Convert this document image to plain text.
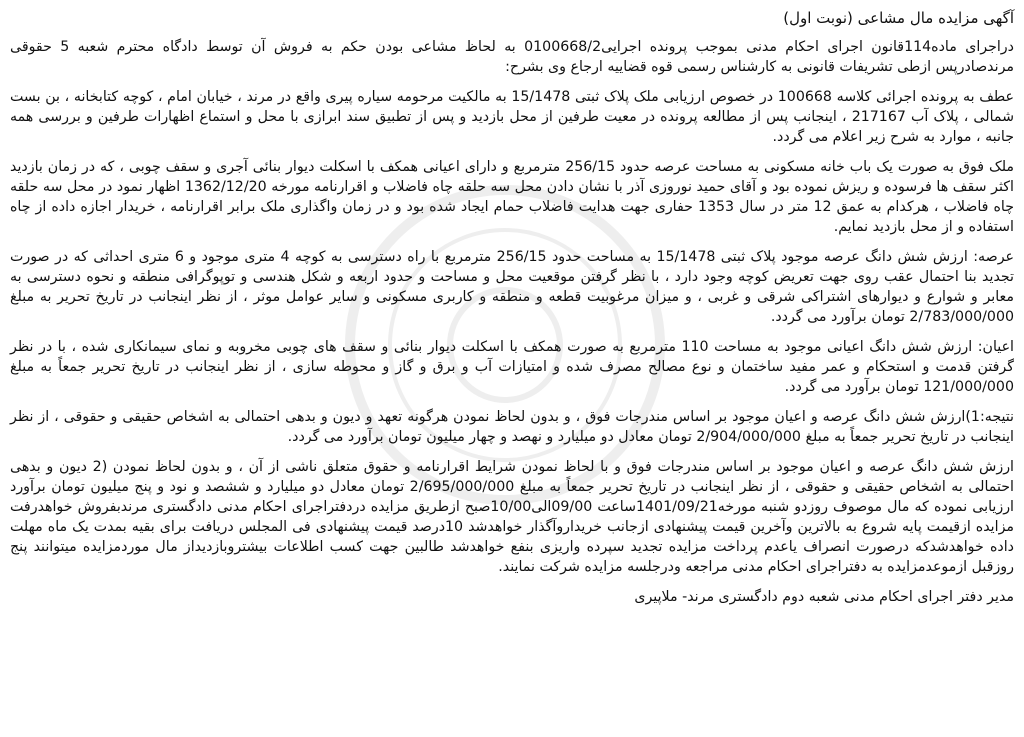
آگهی مزایده مال مشاعی (نوبت اول)
دراجرای ماده114قانون اجرای احکام مدنی بموجب پرونده اجرایی0100668/2 به لحاظ مشاعی بودن حکم به فروش آن توسط دادگاه محترم شعبه 5 حقوقی مرندصادرپس ازطی تشریفات قانونی به کارشناس رسمی قوه قضاییه ارجاع وی بشرح:
عطف به پرونده اجرائی کلاسه 100668 در خصوص ارزیابی ملک پلاک ثبتی 15/1478 به مالکیت مرحومه سیاره پیری واقع در مرند ، خیابان امام ، کوچه کتابخانه ، بن بست شمالی ، پلاک آب 217167 ، اینجانب پس از مطالعه پرونده در معیت طرفین از محل بازدید و پس از تطبیق سند ابرازی با محل و استماع اظهارات طرفین و بررسی همه جانبه ، موارد به شرح زیر اعلام می گردد.
ملک فوق به صورت یک باب خانه مسکونی به مساحت عرصه حدود 256/15 مترمربع و دارای اعیانی همکف با اسکلت دیوار بنائی آجری و سقف چوبی ، که در زمان بازدید اکثر سقف ها فرسوده و ریزش نموده بود و آقای حمید نوروزی آذر با نشان دادن محل سه حلقه چاه فاضلاب و اقرارنامه مورخه 1362/12/20 اظهار نمود در محل سه حلقه چاه فاضلاب ، هرکدام به عمق 12 متر در سال 1353 حفاری جهت هدایت فاضلاب حمام ایجاد شده بود و در زمان واگذاری ملک برابر اقرارنامه ، خریدار اجازه داده از چاه استفاده و از محل بازدید نمایم.
عرصه: ارزش شش دانگ عرصه موجود پلاک ثبتی 15/1478 به مساحت حدود 256/15 مترمربع با راه دسترسی به کوچه 4 متری موجود و 6 متری احداثی که در صورت تجدید بنا احتمال عقب روی جهت تعریض کوچه وجود دارد ، با نظر گرفتن موقعیت محل و مساحت و حدود اربعه و شکل هندسی و توپوگرافی منطقه و نحوه دسترسی به معابر و شوارع و دیوارهای اشتراکی شرقی و غربی ، و میزان مرغوبیت قطعه و منطقه و کاربری مسکونی و سایر عوامل موثر ، از نظر اینجانب در تاریخ تحریر به مبلغ 2/783/000/000 تومان برآورد می گردد.
اعیان: ارزش شش دانگ اعیانی موجود به مساحت 110 مترمربع به صورت همکف با اسکلت دیوار بنائی و سقف های چوبی مخروبه و نمای سیمانکاری شده ، با در نظر گرفتن قدمت و استحکام و عمر مفید ساختمان و نوع مصالح مصرف شده و امتیازات آب و برق و گاز و محوطه سازی ، از نظر اینجانب در تاریخ تحریر جمعاً به مبلغ 121/000/000 تومان برآورد می گردد.
نتیجه:1)ارزش شش دانگ عرصه و اعیان موجود بر اساس مندرجات فوق ، و بدون لحاظ نمودن هرگونه تعهد و دیون و بدهی احتمالی به اشخاص حقیقی و حقوقی ، از نظر اینجانب در تاریخ تحریر جمعاً به مبلغ 2/904/000/000 تومان معادل دو میلیارد و نهصد و چهار میلیون تومان برآورد می گردد.
ارزش شش دانگ عرصه و اعیان موجود بر اساس مندرجات فوق و با لحاظ نمودن شرایط اقرارنامه و حقوق متعلق ناشی از آن ، و بدون لحاظ نمودن (2 دیون و بدهی احتمالی به اشخاص حقیقی و حقوقی ، از نظر اینجانب در تاریخ تحریر جمعاً به مبلغ 2/695/000/000 تومان معادل دو میلیارد و ششصد و نود و پنج میلیون تومان برآورد ارزیابی نموده که مال موصوف روزدو شنبه مورخه1401/09/21ساعت 09/00الی10/00صبح ازطریق مزایده دردفتراجرای احکام مدنی دادگستری مرندبفروش خواهدرفت مزایده ازقیمت پایه شروع به بالاترین وآخرین قیمت پیشنهادی ازجانب خریداروآگذار خواهدشد 10درصد قیمت پیشنهادی فی المجلس دریافت برای بقیه بمدت یک ماه مهلت داده خواهدشدکه درصورت انصراف یاعدم پرداخت مزایده تجدید سپرده واریزی بنفع خواهدشد طالبین جهت کسب اطلاعات بیشتروبازدیداز مال موردمزایده میتوانند پنج روزقبل ازموعدمزایده به دفتراجرای احکام مدنی مراجعه ودرجلسه مزایده شرکت نمایند.
مدیر دفتر اجرای احکام مدنی شعبه دوم دادگستری مرند- ملاپیری
